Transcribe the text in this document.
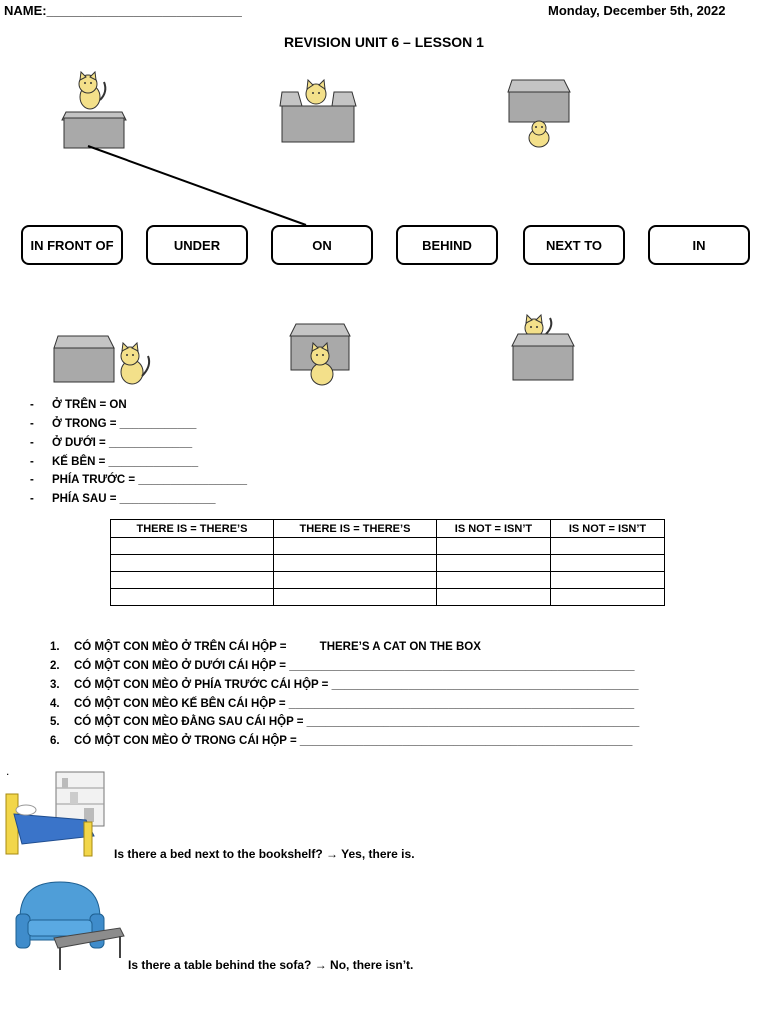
NAME:___________________________	Monday, December 5th, 2022
REVISION UNIT 6 – LESSON 1
IN FRONT OF	UNDER	ON	BEHIND	NEXT TO	IN
- Ở TRÊN = ON
- Ở TRONG = ____________
- Ở DƯỚI = _____________
- KẾ BÊN = ______________
- PHÍA TRƯỚC = _________________
- PHÍA SAU = _______________
THERE IS = THERE’S	THERE IS = THERE’S	IS NOT = ISN’T	IS NOT = ISN’T

1. CÓ MỘT CON MÈO Ở TRÊN CÁI HỘP =	THERE’S A CAT ON THE BOX
2. CÓ MỘT CON MÈO Ở DƯỚI CÁI HỘP = ______________________________________________________
3. CÓ MỘT CON MÈO Ở PHÍA TRƯỚC CÁI HỘP = ________________________________________________
4. CÓ MỘT CON MÈO KẾ BÊN CÁI HỘP = ______________________________________________________
5. CÓ MỘT CON MÈO ĐẰNG SAU CÁI HỘP = ____________________________________________________
6. CÓ MỘT CON MÈO Ở TRONG CÁI HỘP = ____________________________________________________
.
Is there a bed next to the bookshelf? → Yes, there is.
Is there a table behind the sofa? → No, there isn’t.
